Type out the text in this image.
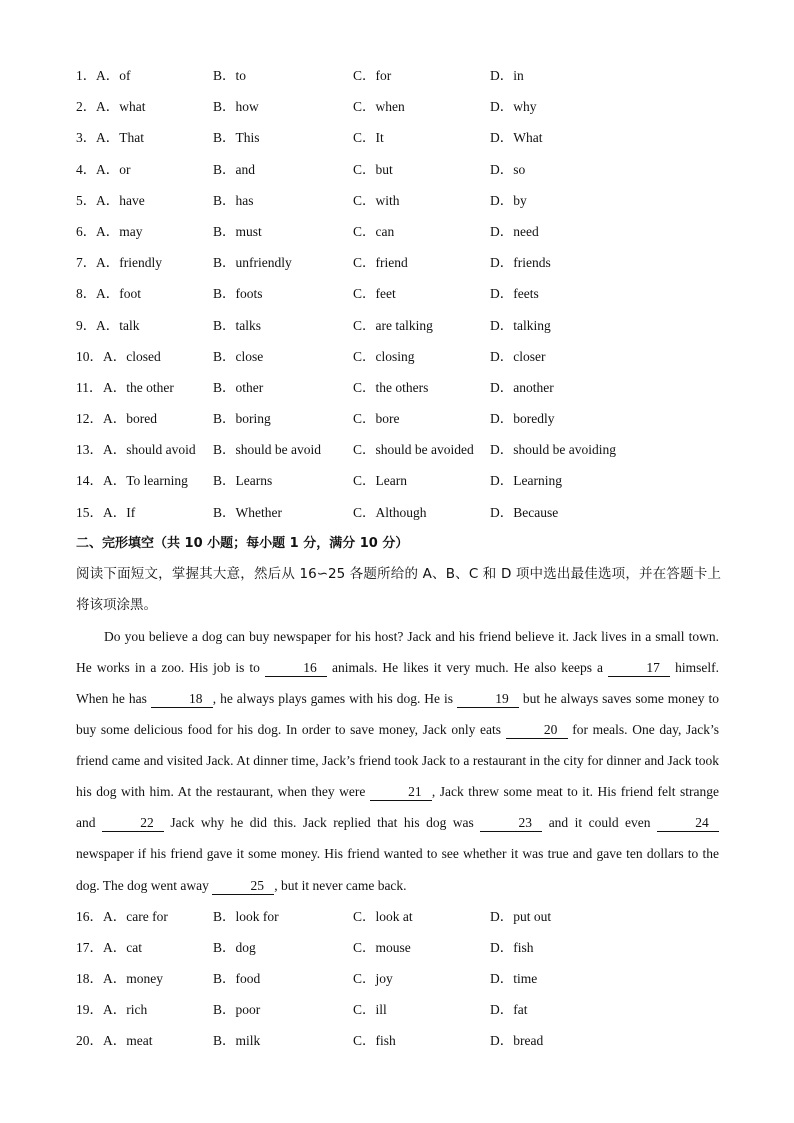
1． A．of	B．to	C．for	D．in
2． A．what	B．how	C．when	D．why
3． A．That	B．This	C．It	D．What
4． A．or	B．and	C．but	D．so
5． A．have	B．has	C．with	D．by
6． A．may	B．must	C．can	D．need
7． A．friendly	B．unfriendly	C．friend	D．friends
8． A．foot	B．foots	C．feet	D．feets
9． A．talk	B．talks	C．are talking	D．talking
10． A．closed	B．close	C．closing	D．closer
11． A．the other	B．other	C．the others	D．another
12． A．bored	B．boring	C．bore	D．boredly
13． A．should avoid B．should be avoid C．should be avoided D．should be avoiding
14． A．To learning B．Learns	C．Learn	D．Learning
15． A．If	B．Whether	C．Although	D．Because
二、完形填空（共 10 小题；每小题 1 分，满分 10 分）
阅读下面短文，掌握其大意，然后从 16∽25 各题所给的 A、B、C 和 D 项中选出最佳选项，并在答题卡上将该项涂黑。
Do you believe a dog can buy newspaper for his host? Jack and his friend believe it. Jack lives in a small town. He works in a zoo. His job is to	16 animals. He likes it very much. He also keeps a	17 himself. When he has	18 , he always plays games with his dog. He is	19 but he always saves some money to buy some delicious food for his dog. In order to save money, Jack only eats	20 for meals. One day, Jack’s friend came and visited Jack. At dinner time, Jack’s friend took Jack to a restaurant in the city for dinner and Jack took his dog with him. At the restaurant, when they were	21 , Jack threw some meat to it. His friend felt strange and	22 Jack why he did this. Jack replied that his dog was	23 and it could even	24 newspaper if his friend gave it some money. His friend wanted to see whether it was true and gave ten dollars to the dog. The dog went away	25 , but it never came back.
16． A．care for	B．look for	C．look at	D．put out
17． A．cat	B．dog	C．mouse	D．fish
18． A．money	B．food	C．joy	D．time
19． A．rich	B．poor	C．ill	D．fat
20． A．meat	B．milk	C．fish	D．bread
